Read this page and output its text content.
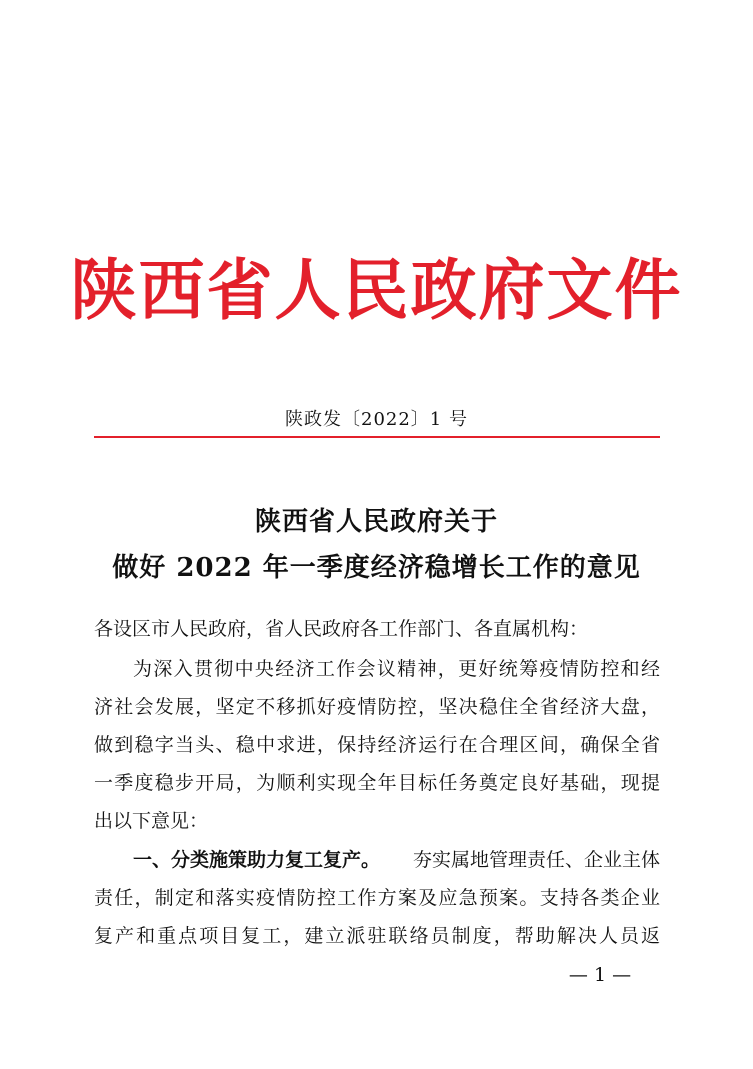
陕西省人民政府文件
陕政发〔2022〕1 号
陕西省人民政府关于
做好 2022 年一季度经济稳增长工作的意见
各设区市人民政府，省人民政府各工作部门、各直属机构：
为深入贯彻中央经济工作会议精神，更好统筹疫情防控和经
济社会发展，坚定不移抓好疫情防控，坚决稳住全省经济大盘，
做到稳字当头、稳中求进，保持经济运行在合理区间，确保全省
一季度稳步开局，为顺利实现全年目标任务奠定良好基础，现提
出以下意见：
一、分类施策助力复工复产。 夯实属地管理责任、企业主体
责任，制定和落实疫情防控工作方案及应急预案。支持各类企业
复产和重点项目复工，建立派驻联络员制度，帮助解决人员返
— 1 —
